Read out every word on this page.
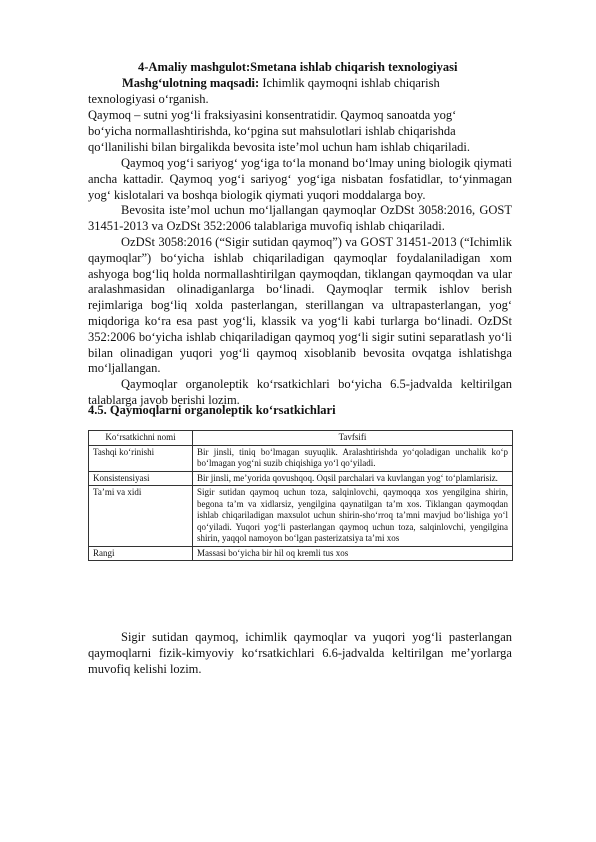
4-Amaliy mashgulot:Smetana ishlab chiqarish texnologiyasi
Mashg‘ulotning maqsadi: Ichimlik qaymoqni ishlab chiqarish
texnologiyasi o‘rganish.
Qaymoq – sutni yog‘li fraksiyasini konsentratidir. Qaymoq sanoatda yog‘
bo‘yicha normallashtirishda, ko‘pgina sut mahsulotlari ishlab chiqarishda
qo‘llanilishi bilan birgalikda bevosita iste’mol uchun ham ishlab chiqariladi.

Qaymoq yog‘i sariyog‘ yog‘iga to‘la monand bo‘lmay uning biologik qiymati ancha kattadir. Qaymoq yog‘i sariyog‘ yog‘iga nisbatan fosfatidlar, to‘yinmagan yog‘ kislotalari va boshqa biologik qiymati yuqori moddalarga boy.

Bevosita iste’mol uchun mo‘ljallangan qaymoqlar OzDSt 3058:2016, GOST 31451-2013 va OzDSt 352:2006 talablariga muvofiq ishlab chiqariladi.

OzDSt 3058:2016 (“Sigir sutidan qaymoq”) va GOST 31451-2013 (“Ichimlik qaymoqlar”) bo‘yicha ishlab chiqariladigan qaymoqlar foydalaniladigan xom ashyoga bog‘liq holda normallashtirilgan qaymoqdan, tiklangan qaymoqdan va ular aralashmasidan olinadiganlarga bo‘linadi. Qaymoqlar termik ishlov berish rejimlariga bog‘liq xolda pasterlangan, sterillangan va ultrapasterlangan, yog‘ miqdoriga ko‘ra esa past yog‘li, klassik va yog‘li kabi turlarga bo‘linadi. OzDSt 352:2006 bo‘yicha ishlab chiqariladigan qaymoq yog‘li sigir sutini separatlash yo‘li bilan olinadigan yuqori yog‘li qaymoq xisoblanib bevosita ovqatga ishlatishga mo‘ljallangan.

Qaymoqlar organoleptik ko‘rsatkichlari bo‘yicha 6.5-jadvalda keltirilgan talablarga javob berishi lozim.

4.5. Qaymoqlarni organoleptik ko‘rsatkichlari
Ko‘rsatkichni nomi	Tavfsifi
Tashqi ko‘rinishi	Bir jinsli, tiniq bo‘lmagan suyuqlik. Aralashtirishda yo‘qoladigan unchalik ko‘p bo‘lmagan yog‘ni suzib chiqishiga yo‘l qo‘yiladi.
Konsistensiyasi	Bir jinsli, me’yorida qovushqoq. Oqsil parchalari va kuvlangan yog‘ to‘plamlarisiz.
Ta’mi va xidi	Sigir sutidan qaymoq uchun toza, salqinlovchi, qaymoqqa xos yengilgina shirin, begona ta’m va xidlarsiz, yengilgina qaynatilgan ta’m xos. Tiklangan qaymoqdan ishlab chiqariladigan maxsulot uchun shirin-sho‘rroq ta’mni mavjud bo‘lishiga yo‘l qo‘yiladi. Yuqori yog‘li pasterlangan qaymoq uchun toza, salqinlovchi, yengilgina shirin, yaqqol namoyon bo‘lgan pasterizatsiya ta’mi xos
Rangi	Massasi bo‘yicha bir hil oq kremli tus xos

Sigir sutidan qaymoq, ichimlik qaymoqlar va yuqori yog‘li pasterlangan qaymoqlarni fizik-kimyoviy ko‘rsatkichlari 6.6-jadvalda keltirilgan me’yorlarga muvofiq kelishi lozim.
